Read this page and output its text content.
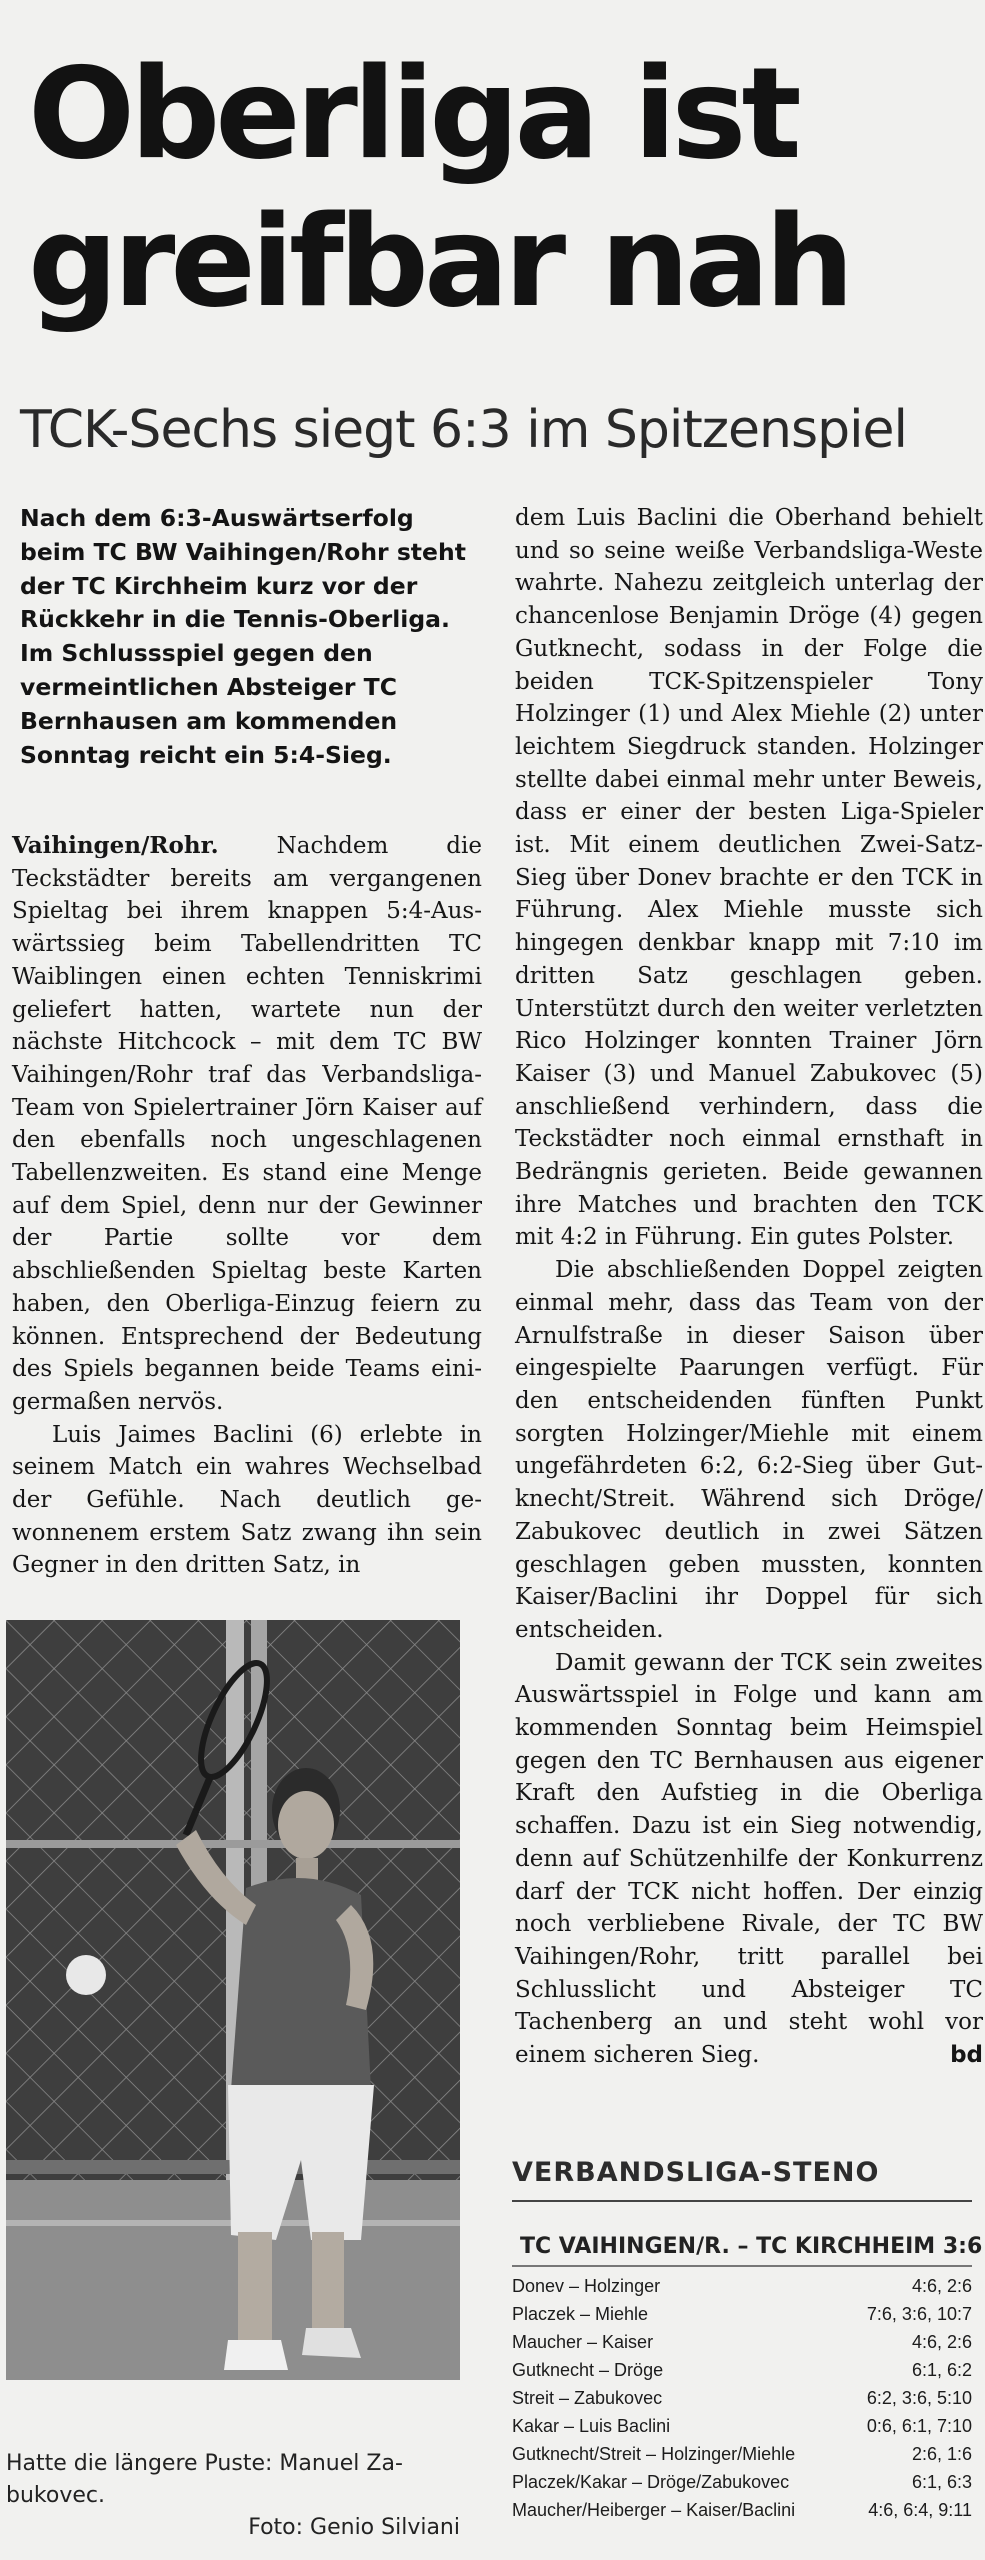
Oberliga ist greifbar nah
TCK-Sechs siegt 6:3 im Spitzenspiel

Nach dem 6:3-Auswärtserfolg beim TC BW Vaihingen/Rohr steht der TC Kirchheim kurz vor der Rückkehr in die Tennis-Oberliga. Im Schlussspiel gegen den vermeintlichen Absteiger TC Bernhausen am kommenden Sonntag reicht ein 5:4-Sieg.

Vaihingen/Rohr.	Nachdem die Teckstädter bereits am vergangenen Spieltag bei ihrem knappen 5:4-Auswärtssieg beim Tabellendritten TC Waiblingen einen echten Tenniskrimi geliefert hatten, wartete nun der nächste Hitchcock – mit dem TC BW Vaihingen/Rohr traf das Verbandsliga-Team von Spielertrainer Jörn Kaiser auf den ebenfalls noch ungeschlagenen Tabellenzweiten. Es stand eine Menge auf dem Spiel, denn nur der Gewinner der Partie sollte vor dem abschließenden Spieltag beste Karten haben, den Oberliga-Einzug feiern zu können. Entsprechend der Bedeutung des Spiels begannen beide Teams einigermaßen nervös.

Luis Jaimes Baclini (6) erlebte in seinem Match ein wahres Wechselbad der Gefühle. Nach deutlich gewonnenem erstem Satz zwang ihn sein Gegner in den dritten Satz, in

Hatte die längere Puste: Manuel Zabukovec.

Foto: Genio Silviani

dem Luis Baclini die Oberhand behielt und so seine weiße Verbandsliga-Weste wahrte. Nahezu zeitgleich unterlag der chancenlose Benjamin Dröge (4) gegen Gutknecht, sodass in der Folge die beiden TCK-Spitzenspieler Tony Holzinger (1) und Alex Miehle (2) unter leichtem Siegdruck standen. Holzinger stellte dabei einmal mehr unter Beweis, dass er einer der besten Liga-Spieler ist. Mit einem deutlichen Zwei-Satz-Sieg über Donev brachte er den TCK in Führung. Alex Miehle musste sich hingegen denkbar knapp mit 7:10 im dritten Satz geschlagen geben. Unterstützt durch den weiter verletzten Rico Holzinger konnten Trainer Jörn Kaiser (3) und Manuel Zabukovec (5) anschließend verhindern, dass die Teckstädter noch einmal ernsthaft in Bedrängnis gerieten. Beide gewannen ihre Matches und brachten den TCK mit 4:2 in Führung. Ein gutes Polster.

Die abschließenden Doppel zeigten einmal mehr, dass das Team von der Arnulfstraße in dieser Saison über eingespielte Paarungen verfügt. Für den entscheidenden fünften Punkt sorgten Holzinger/Miehle mit einem ungefährdeten 6:2, 6:2-Sieg über Gutknecht/Streit. Während sich Dröge/ Zabukovec deutlich in zwei Sätzen geschlagen geben mussten, konnten Kaiser/Baclini ihr Doppel für sich entscheiden.

Damit gewann der TCK sein zweites Auswärtsspiel in Folge und kann am kommenden Sonntag beim Heimspiel gegen den TC Bernhausen aus eigener Kraft den Aufstieg in die Oberliga schaffen. Dazu ist ein Sieg notwendig, denn auf Schützenhilfe der Konkurrenz darf der TCK nicht hoffen. Der einzig noch verbliebene Rivale, der TC BW Vaihingen/Rohr, tritt parallel bei Schlusslicht und Absteiger TC Tachenberg an und steht wohl vor einem sicheren Sieg.	bd

VERBANDSLIGA-STENO
TC VAIHINGEN/R. – TC KIRCHHEIM 3:6
Donev – Holzinger	4:6, 2:6
Placzek – Miehle	7:6, 3:6, 10:7
Maucher – Kaiser	4:6, 2:6
Gutknecht – Dröge	6:1, 6:2
Streit – Zabukovec	6:2, 3:6, 5:10
Kakar – Luis Baclini	0:6, 6:1, 7:10
Gutknecht/Streit – Holzinger/Miehle	2:6, 1:6
Placzek/Kakar – Dröge/Zabukovec	6:1, 6:3
Maucher/Heiberger – Kaiser/Baclini	4:6, 6:4, 9:11
